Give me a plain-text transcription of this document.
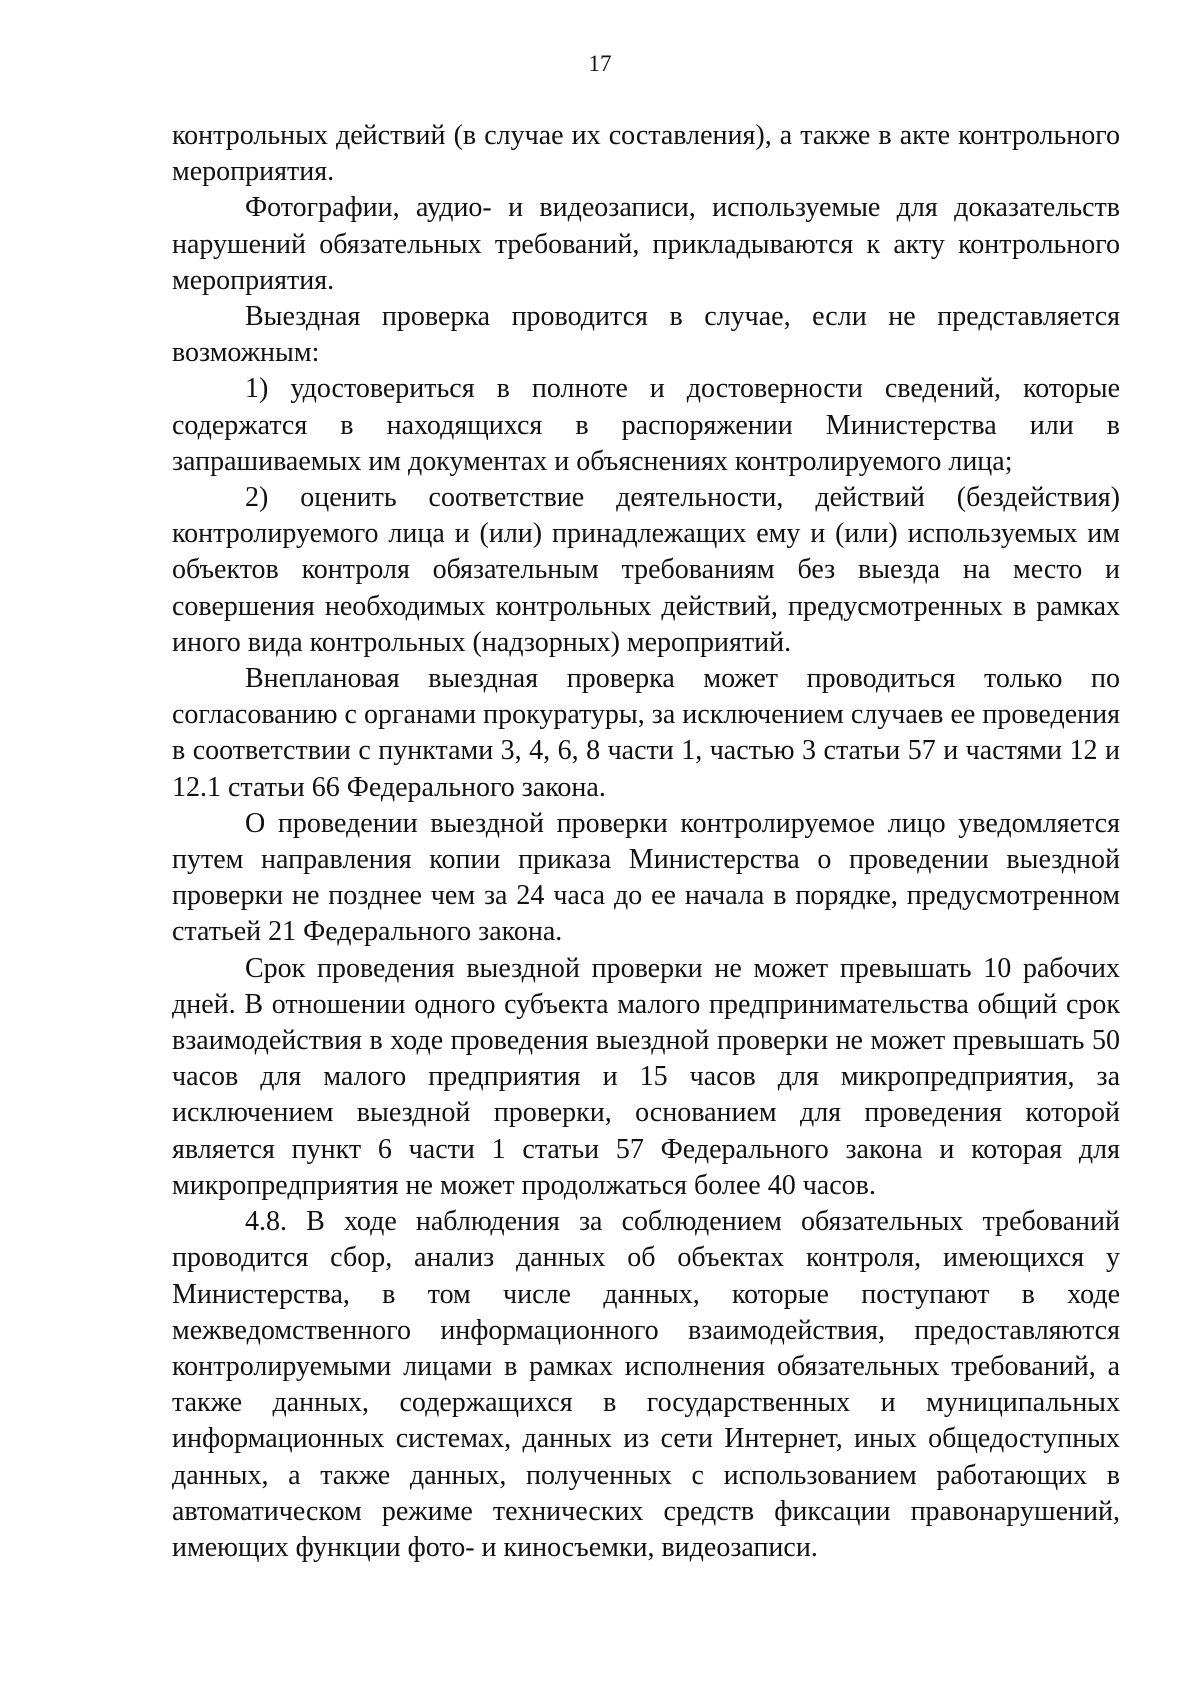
17

контрольных действий (в случае их составления), а также в акте контрольного мероприятия.

Фотографии, аудио- и видеозаписи, используемые для доказательств нарушений обязательных требований, прикладываются к акту контрольного мероприятия.

Выездная проверка проводится в случае, если не представляется возможным:

1) удостовериться в полноте и достоверности сведений, которые содержатся в находящихся в распоряжении Министерства или в запрашиваемых им документах и объяснениях контролируемого лица;

2) оценить соответствие деятельности, действий (бездействия) контролируемого лица и (или) принадлежащих ему и (или) используемых им объектов контроля обязательным требованиям без выезда на место и совершения необходимых контрольных действий, предусмотренных в рамках иного вида контрольных (надзорных) мероприятий.

Внеплановая выездная проверка может проводиться только по согласованию с органами прокуратуры, за исключением случаев ее проведения в соответствии с пунктами 3, 4, 6, 8 части 1, частью 3 статьи 57 и частями 12 и 12.1 статьи 66 Федерального закона.

О проведении выездной проверки контролируемое лицо уведомляется путем направления копии приказа Министерства о проведении выездной проверки не позднее чем за 24 часа до ее начала в порядке, предусмотренном статьей 21 Федерального закона.

Срок проведения выездной проверки не может превышать 10 рабочих дней. В отношении одного субъекта малого предпринимательства общий срок взаимодействия в ходе проведения выездной проверки не может превышать 50 часов для малого предприятия и 15 часов для микропредприятия, за исключением выездной проверки, основанием для проведения которой является пункт 6 части 1 статьи 57 Федерального закона и которая для микропредприятия не может продолжаться более 40 часов.

4.8. В ходе наблюдения за соблюдением обязательных требований проводится сбор, анализ данных об объектах контроля, имеющихся у Министерства, в том числе данных, которые поступают в ходе межведомственного информационного взаимодействия, предоставляются контролируемыми лицами в рамках исполнения обязательных требований, а также данных, содержащихся в государственных и муниципальных информационных системах, данных из сети Интернет, иных общедоступных данных, а также данных, полученных с использованием работающих в автоматическом режиме технических средств фиксации правонарушений, имеющих функции фото- и киносъемки, видеозаписи.
